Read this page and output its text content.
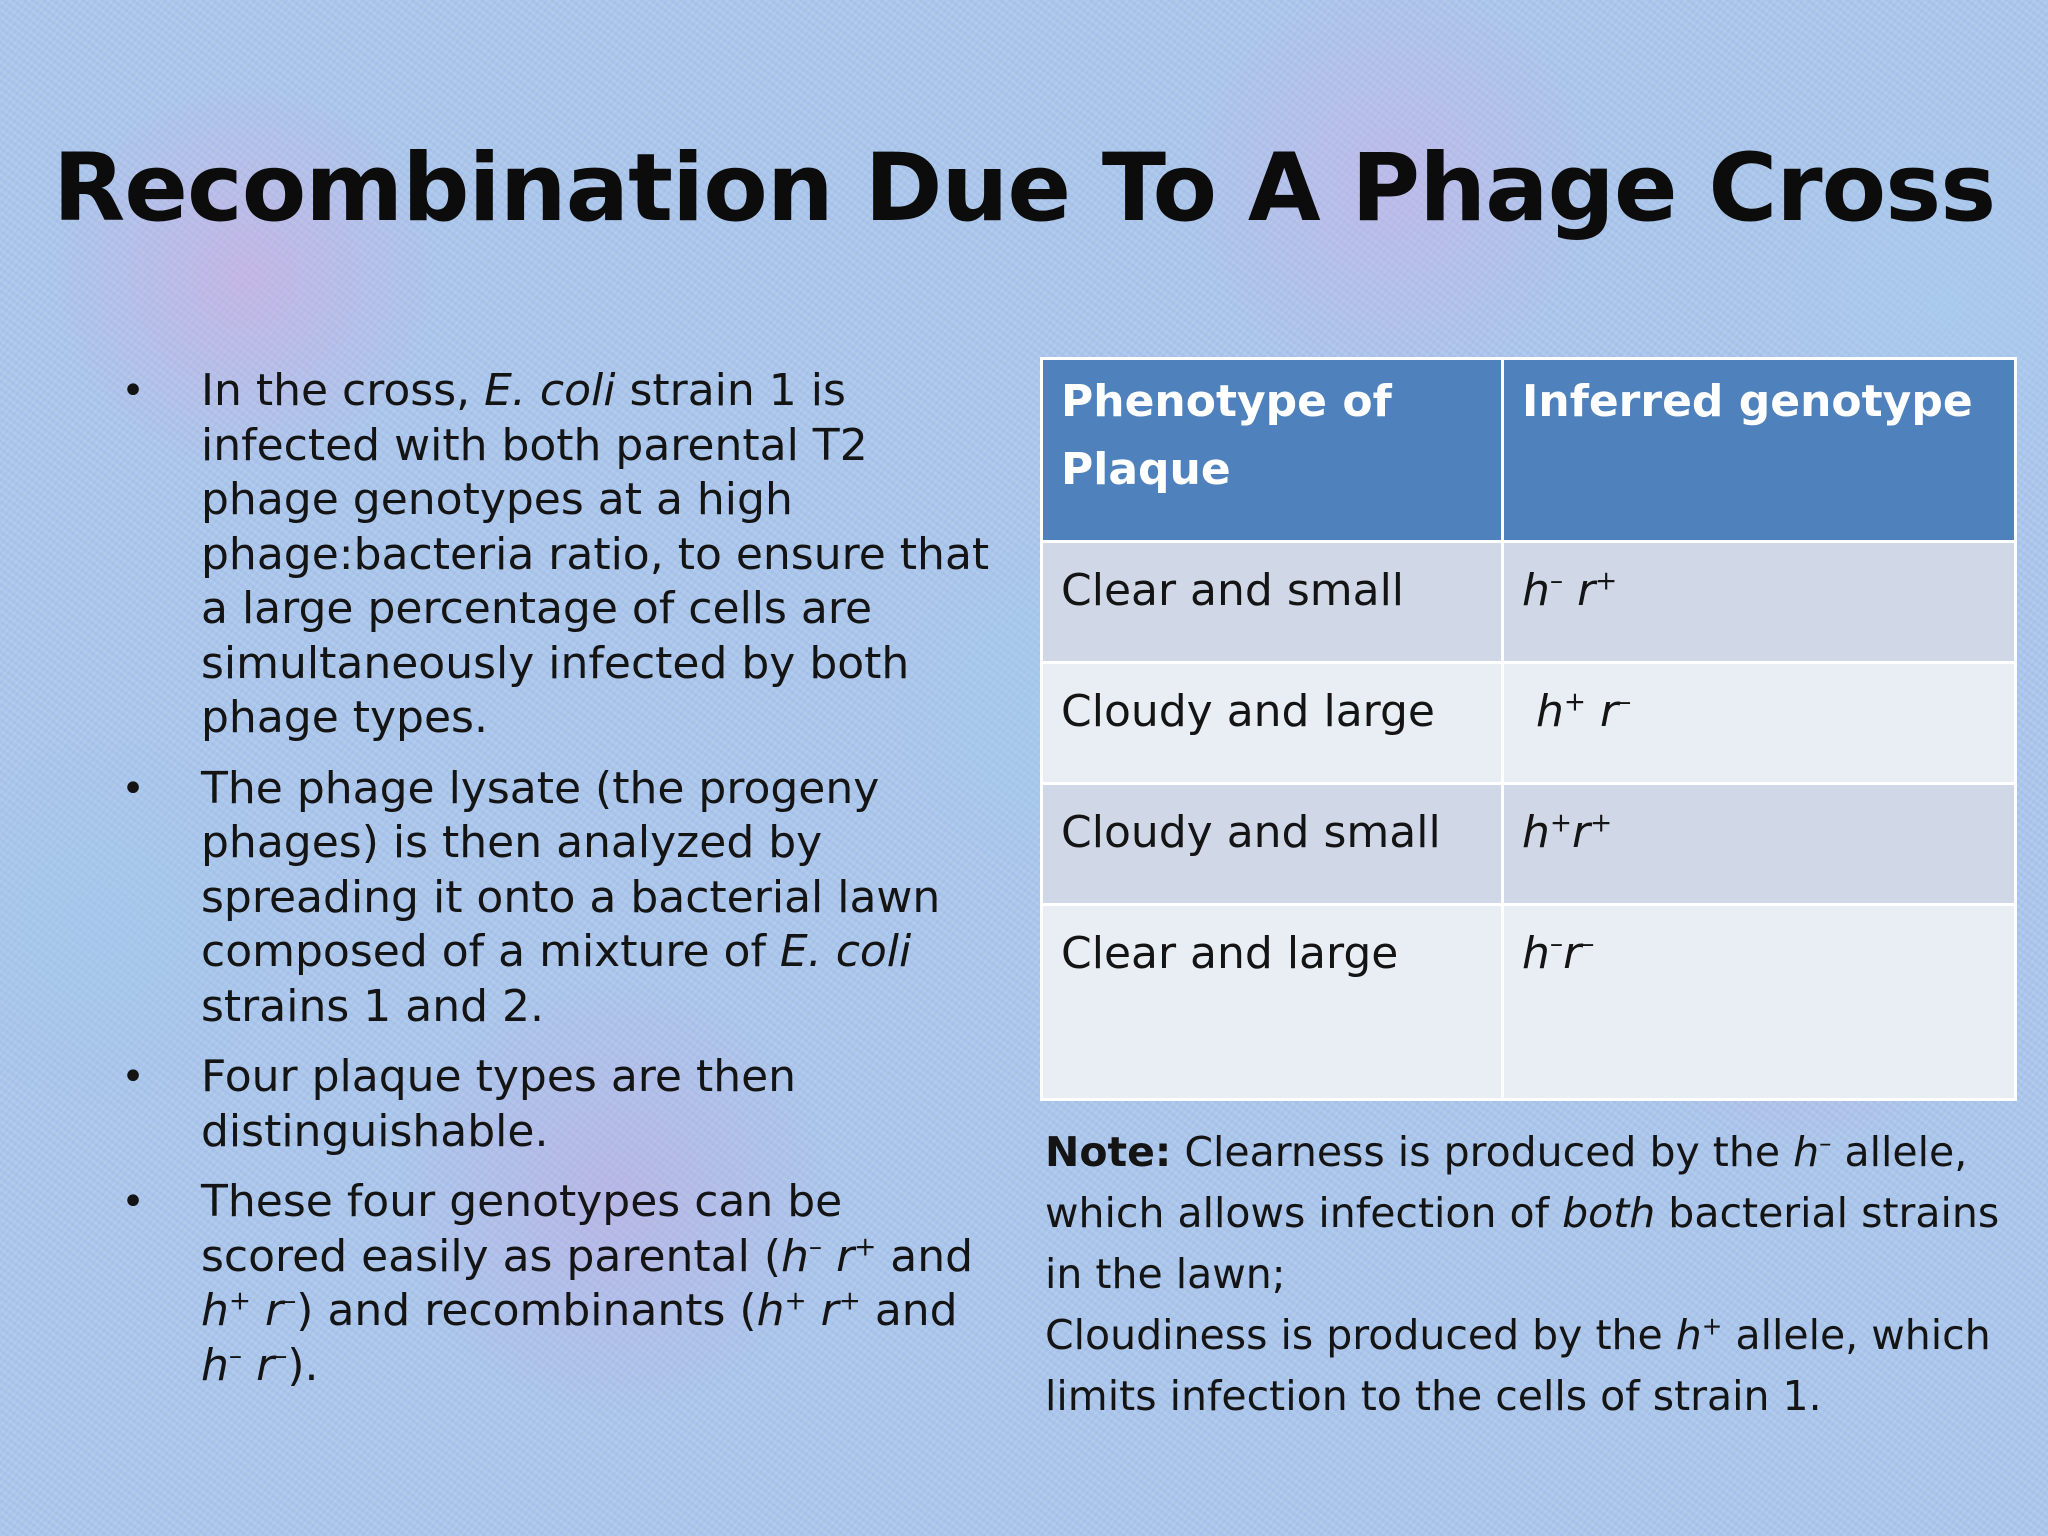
Recombination Due To A Phage Cross
• In the cross, E. coli strain 1 is infected with both parental T2 phage genotypes at a high phage:bacteria ratio, to ensure that a large percentage of cells are simultaneously infected by both phage types.
• The phage lysate (the progeny phages) is then analyzed by spreading it onto a bacterial lawn composed of a mixture of E. coli strains 1 and 2.
• Four plaque types are then distinguishable.
• These four genotypes can be scored easily as parental (h– r+ and h+ r–) and recombinants (h+ r+ and h– r–).
Phenotype of Plaque	Inferred genotype
Clear and small	h– r+
Cloudy and large	h+ r–
Cloudy and small	h+r+
Clear and large	h–r–

Note: Clearness is produced by the h– allele, which allows infection of both bacterial strains in the lawn;

Cloudiness is produced by the h+ allele, which limits infection to the cells of strain 1.
